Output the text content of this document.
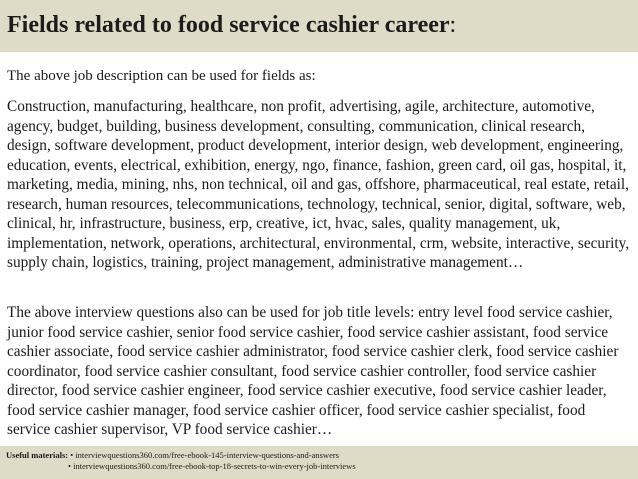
Fields related to food service cashier career:
The above job description can be used for fields as:
Construction, manufacturing, healthcare, non profit, advertising, agile, architecture, automotive, agency, budget, building, business development, consulting, communication, clinical research, design, software development, product development, interior design, web development, engineering, education, events, electrical, exhibition, energy, ngo, finance, fashion, green card, oil gas, hospital, it, marketing, media, mining, nhs, non technical, oil and gas, offshore, pharmaceutical, real estate, retail, research, human resources, telecommunications, technology, technical, senior, digital, software, web, clinical, hr, infrastructure, business, erp, creative, ict, hvac, sales, quality management, uk, implementation, network, operations, architectural, environmental, crm, website, interactive, security, supply chain, logistics, training, project management, administrative management…
The above interview questions also can be used for job title levels: entry level food service cashier, junior food service cashier, senior food service cashier, food service cashier assistant, food service cashier associate, food service cashier administrator, food service cashier clerk, food service cashier coordinator, food service cashier consultant, food service cashier controller, food service cashier director, food service cashier engineer, food service cashier executive, food service cashier leader, food service cashier manager, food service cashier officer, food service cashier specialist, food service cashier supervisor, VP food service cashier…
Useful materials: • interviewquestions360.com/free-ebook-145-interview-questions-and-answers
• interviewquestions360.com/free-ebook-top-18-secrets-to-win-every-job-interviews
